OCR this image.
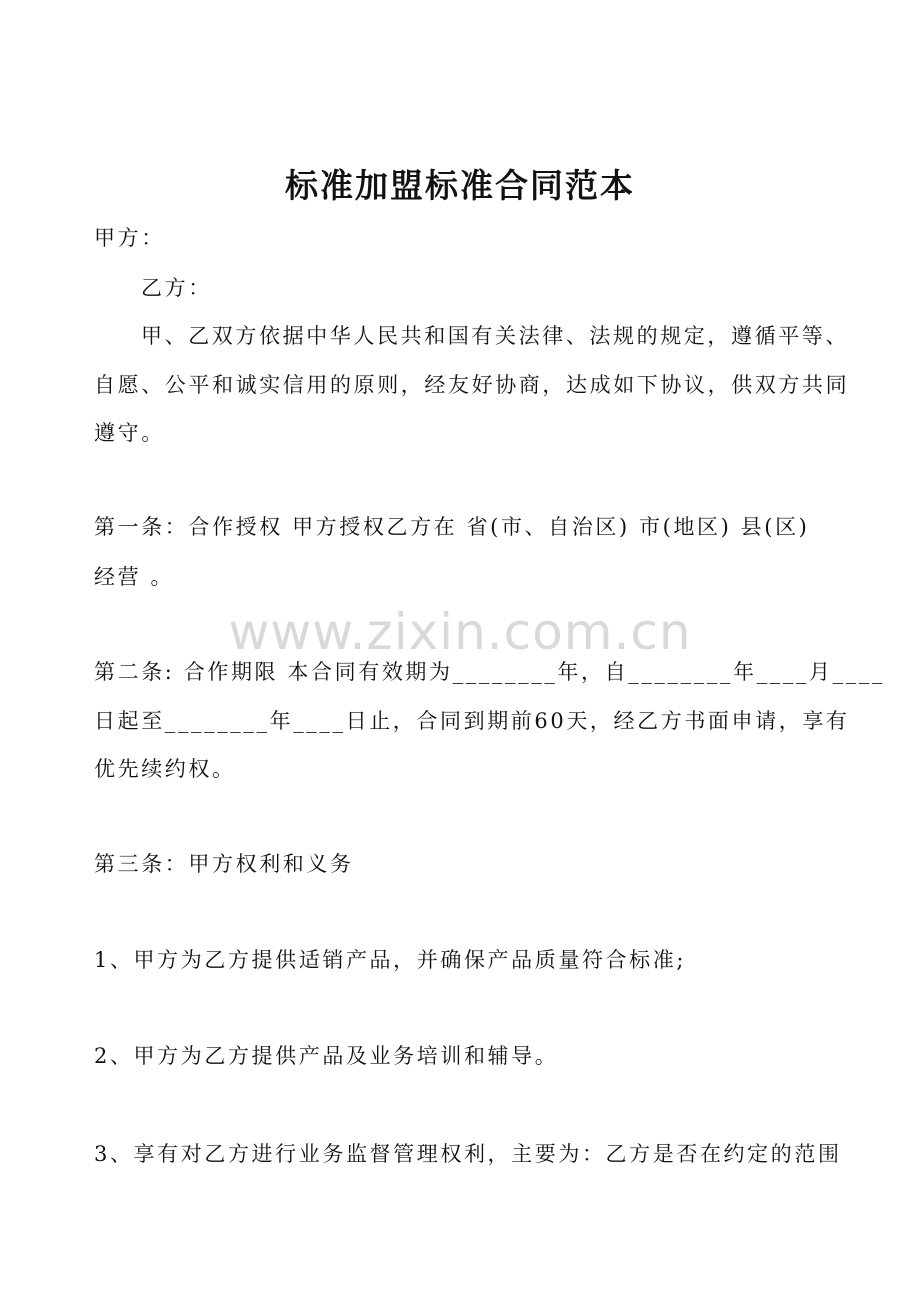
标准加盟标准合同范本

甲方：

乙方：

甲、乙双方依据中华人民共和国有关法律、法规的规定，遵循平等、

自愿、公平和诚实信用的原则，经友好协商，达成如下协议，供双方共同

遵守。

第一条：合作授权 甲方授权乙方在 省(市、自治区) 市(地区) 县(区)

经营 。

www.zixin.com.cn

第二条: 合作期限 本合同有效期为________年，自________年____月____

日起至________年____日止，合同到期前60天，经乙方书面申请，享有

优先续约权。

第三条：甲方权利和义务

1、甲方为乙方提供适销产品，并确保产品质量符合标准;

2、甲方为乙方提供产品及业务培训和辅导。

3、享有对乙方进行业务监督管理权利，主要为：乙方是否在约定的范围
